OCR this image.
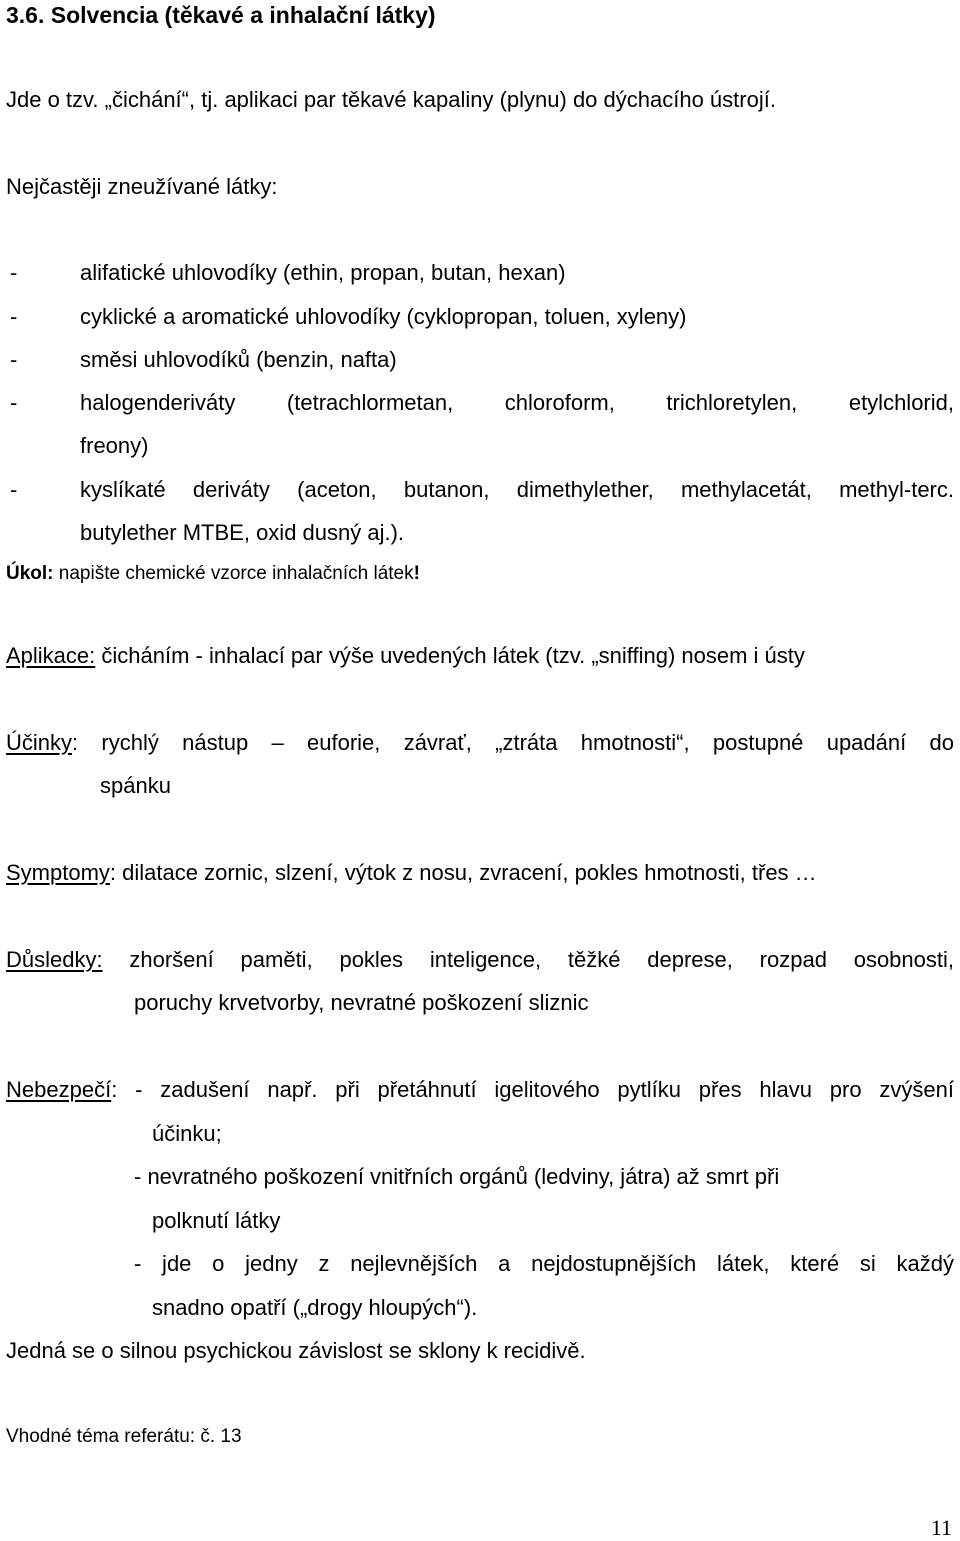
3.6. Solvencia (těkavé a inhalační látky)
Jde o tzv. „čichání“, tj. aplikaci par těkavé kapaliny (plynu) do dýchacího ústrojí.
Nejčastěji zneužívané látky:
-	alifatické uhlovodíky (ethin, propan, butan, hexan)
-	cyklické a aromatické uhlovodíky (cyklopropan, toluen, xyleny)
-	směsi uhlovodíků (benzin, nafta)
-	halogenderiváty (tetrachlormetan, chloroform, trichloretylen, etylchlorid,
freony)
-	kyslíkaté deriváty (aceton, butanon, dimethylether, methylacetát, methyl-terc.
butylether MTBE, oxid dusný aj.).
Úkol: napište chemické vzorce inhalačních látek!
Aplikace: čicháním - inhalací par výše uvedených látek (tzv. „sniffing) nosem i ústy
Účinky: rychlý nástup – euforie, závrať, „ztráta hmotnosti“, postupné upadání do
spánku
Symptomy: dilatace zornic, slzení, výtok z nosu, zvracení, pokles hmotnosti, třes …
Důsledky: zhoršení paměti, pokles inteligence, těžké deprese, rozpad osobnosti,
poruchy krvetvorby, nevratné poškození sliznic
Nebezpečí: - zadušení např. při přetáhnutí igelitového pytlíku přes hlavu pro zvýšení
účinku;
- nevratného poškození vnitřních orgánů (ledviny, játra) až smrt při
polknutí látky
- jde o jedny z nejlevnějších a nejdostupnějších látek, které si každý
snadno opatří („drogy hloupých“).
Jedná se o silnou psychickou závislost se sklony k recidivě.
Vhodné téma referátu: č. 13
11
